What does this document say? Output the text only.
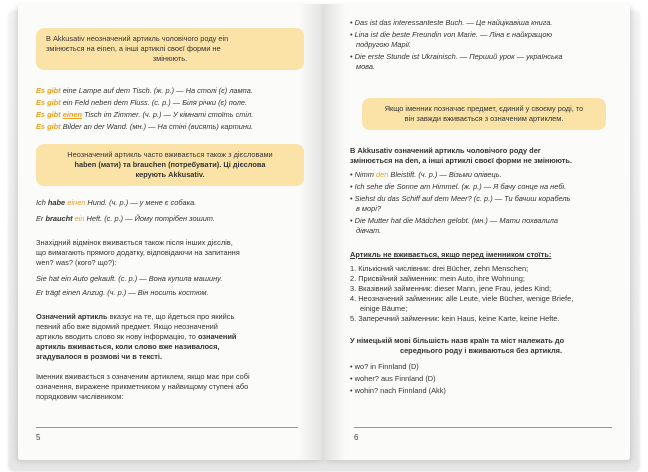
В Akkusativ неозначений артикль чоловічого роду ein
змінюється на einen, а інші артиклі своєї форми не
змінюють.
Es gibt eine Lampe auf dem Tisch. (ж. р.) — На столі (є) лампа.
Es gibt ein Feld neben dem Fluss. (с. р.) — Біля річки (є) поле.
Es gibt einen Tisch im Zimmer. (ч. р.) — У кімнаті стоїть стіл.
Es gibt Bilder an der Wand. (мн.) — На стіні (висять) картини.
Неозначений артикль часто вживається також з дієсловами
haben (мати) та brauchen (потребувати). Ці дієслова
керують Akkusativ.
Ich habe einen Hund. (ч. р.) — у мене є собака.
Er braucht ein Heft. (с. р.) — Йому потрібен зошит.
Знахідний відмінок вживається також після інших дієслів,
що вимагають прямого додатку, відповідаючи на запитання
wen? was? (кого? що?):
Sie hat ein Auto gekauft. (с. р.) — Вона купила машину.
Er trägt einen Anzug. (ч. р.) — Він носить костюм.
Означений артикль вказує на те, що йдеться про якийсь
певний або вже відомий предмет. Якщо неозначений
артикль вводить слово як нову інформацію, то означений
артикль вживається, коли слово вже називалося,
згадувалося в розмові чи в тексті.
Іменник вживається з означеним артиклем, якщо має при собі
означення, виражене прикметником у найвищому ступені або
порядковим числівником:
5
• Das ist das interessanteste Buch. — Це найцікавіша книга.
• Lina ist die beste Freundin von Marie. — Ліна є найкращою
подругою Марії.
• Die erste Stunde ist Ukrainisch. — Перший урок — українська
мова.
Якщо іменник позначає предмет, єдиний у своєму роді, то
він завжди вживається з означеним артиклем.
В Akkusativ означений артикль чоловічого роду der
змінюється на den, а інші артиклі своєї форми не змінюють.
• Nimm den Bleistift. (ч. р.) — Візьми олівець.
• Ich sehe die Sonne am Himmel. (ж. р.) — Я бачу сонце на небі.
• Siehst du das Schiff auf dem Meer? (с. р.) — Ти бачиш корабель
в морі?
• Die Mutter hat die Mädchen gelobt. (мн.) — Мати похвалила
дівчат.
Артикль не вживається, якщо перед іменником стоїть:
1. Кількісний числівник: drei Bücher, zehn Menschen;
2. Присвійний займенник: mein Auto, ihre Wohnung;
3. Вказівний займенник: dieser Mann, jene Frau, jedes Kind;
4. Неозначений займенник: alle Leute, viele Bücher, wenige Briefe,
einige Bäume;
5. Заперечний займенник: kein Haus, keine Karte, keine Hefte.
У німецькій мові більшість назв країн та міст належать до
середнього роду і вживаються без артикля.
• wo? in Finnland (D)
• woher? aus Finnland (D)
• wohin? nach Finnland (Akk)
6
